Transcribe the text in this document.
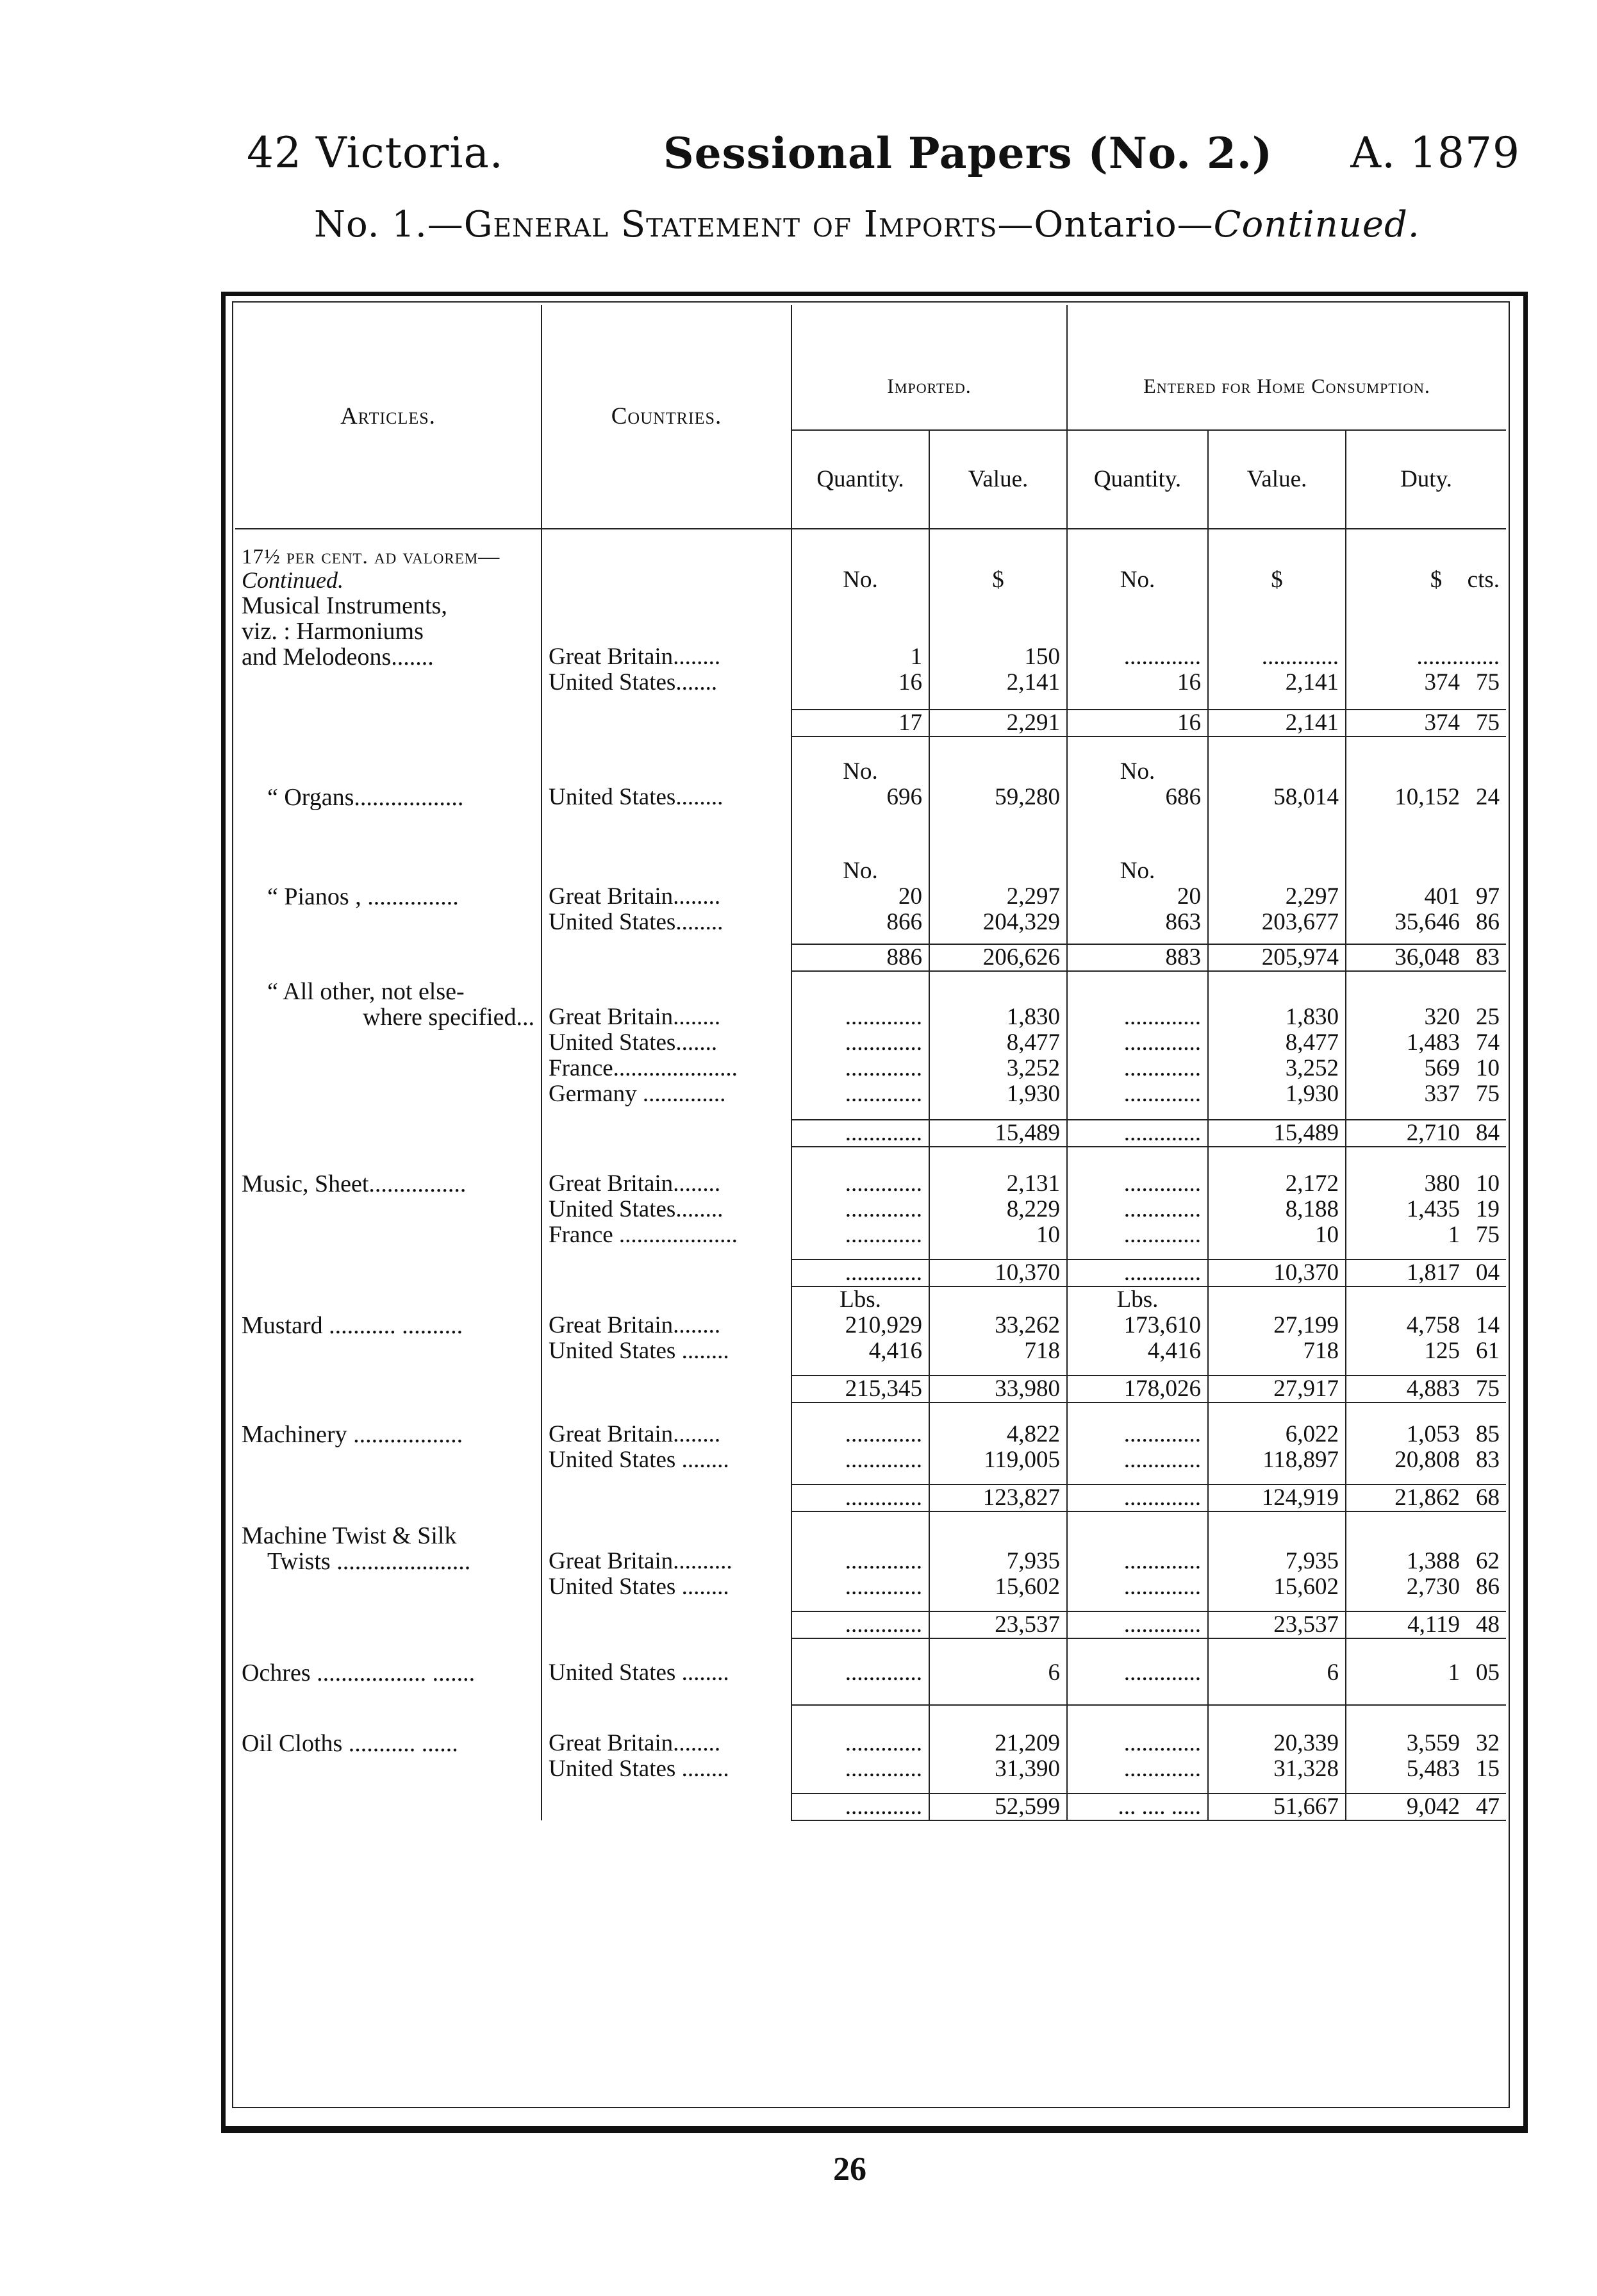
42 Victoria.	Sessional Papers (No. 2.) A. 1879
No. 1.—General Statement of Imports—Ontario—Continued.
Articles.	Countries.	Imported.		Entered for Home Consumption.		
		Quantity.	Value.	Quantity.	Value.	Duty.
17½ per cent. ad valorem—Continued.		No.	$	No.	$	$ cts.
Musical Instruments,						
viz. : Harmoniums						
and Melodeons.......	Great Britain........	1	150	.............	.............	..............
	United States.......	16	2,141	16	2,141	374 75

		17	2,291	16	2,141	374 75

		No.		No.		

“ Organs..................	United States........	696	59,280	686	58,014	10,152 24

		No.		No.		

“ Pianos , ...............	Great Britain........	20	2,297	20	2,297	401 97
	United States........	866	204,329	863	203,677	35,646 86

		886	206,626	883	205,974	36,048 83

“ All other, not else-						

where specified...	Great Britain........	.............	1,830	.............	1,830	320 25
	United States.......	.............	8,477	.............	8,477	1,483 74
	France.....................	.............	3,252	.............	3,252	569 10
	Germany ..............	.............	1,930	.............	1,930	337 75

		.............	15,489	.............	15,489	2,710 84

Music, Sheet................	Great Britain........	.............	2,131	.............	2,172	380 10
	United States........	.............	8,229	.............	8,188	1,435 19
	France ....................	.............	10	.............	10	1 75

		.............	10,370	.............	10,370	1,817 04
		Lbs.		Lbs.		
Mustard ........... ..........	Great Britain........	210,929	33,262	173,610	27,199	4,758 14
	United States ........	4,416	718	4,416	718	125 61

		215,345	33,980	178,026	27,917	4,883 75

Machinery ..................	Great Britain........	.............	4,822	.............	6,022	1,053 85
	United States ........	.............	119,005	.............	118,897	20,808 83

		.............	123,827	.............	124,919	21,862 68

Machine Twist & Silk						

Twists ......................	Great Britain..........	.............	7,935	.............	7,935	1,388 62
	United States ........	.............	15,602	.............	15,602	2,730 86

		.............	23,537	.............	23,537	4,119 48

Ochres .................. .......	United States ........	.............	6	.............	6	1 05

Oil Cloths ........... ......	Great Britain........	.............	21,209	.............	20,339	3,559 32
	United States ........	.............	31,390	.............	31,328	5,483 15

		.............	52,599	... .... .....	51,667	9,042 47
26
